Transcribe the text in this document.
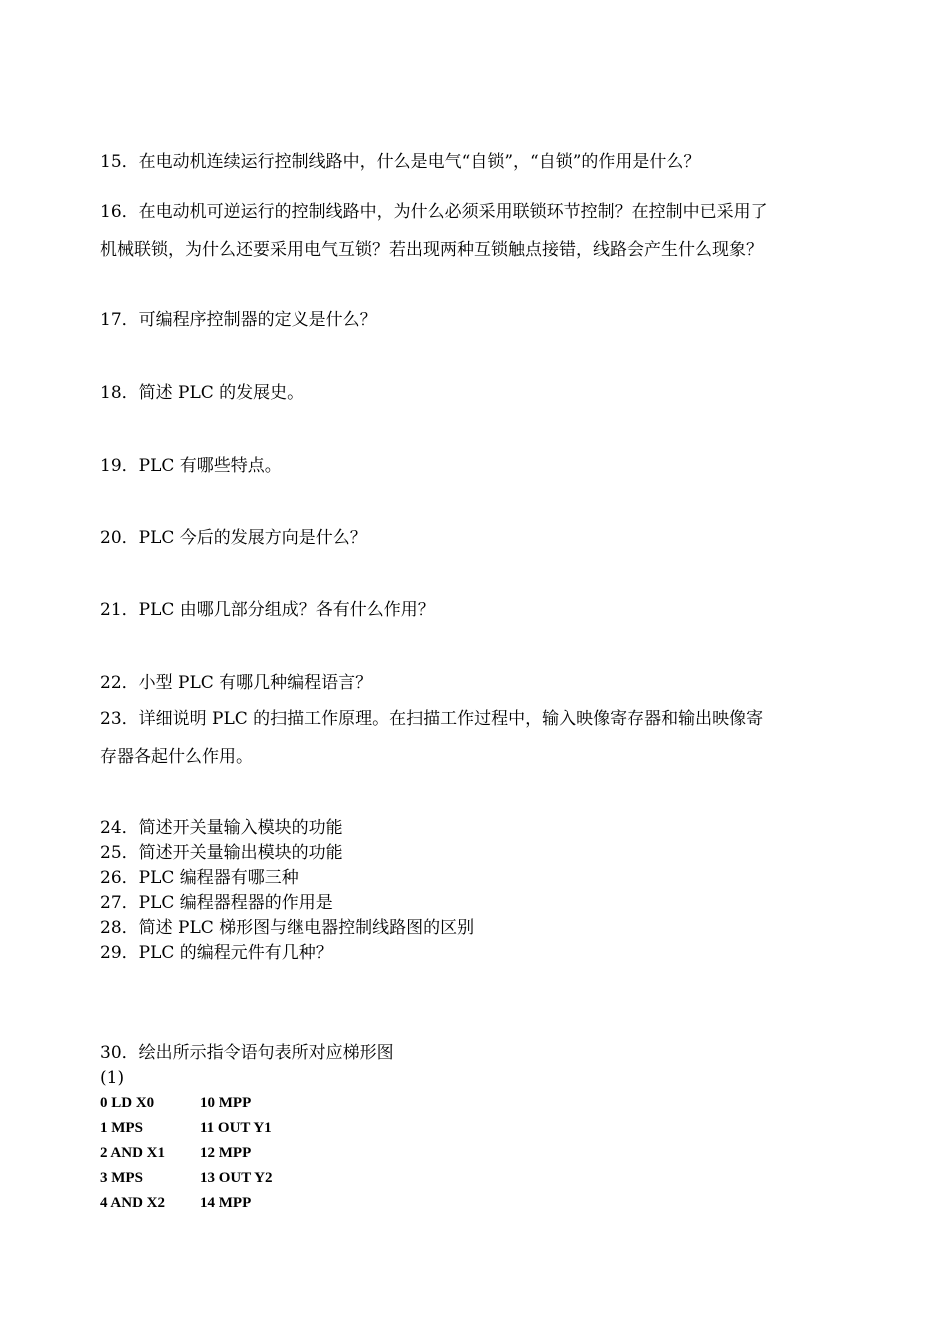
15．在电动机连续运行控制线路中，什么是电气“自锁”，“自锁”的作用是什么？
16．在电动机可逆运行的控制线路中，为什么必须采用联锁环节控制？在控制中已采用了
机械联锁，为什么还要采用电气互锁？若出现两种互锁触点接错，线路会产生什么现象？
17．可编程序控制器的定义是什么？
18．简述 PLC 的发展史。
19．PLC 有哪些特点。
20．PLC 今后的发展方向是什么？
21．PLC 由哪几部分组成？各有什么作用？
22．小型 PLC 有哪几种编程语言？
23．详细说明 PLC 的扫描工作原理。在扫描工作过程中，输入映像寄存器和输出映像寄
存器各起什么作用。
24．简述开关量输入模块的功能
25．简述开关量输出模块的功能
26．PLC 编程器有哪三种
27．PLC 编程器程器的作用是
28．简述 PLC 梯形图与继电器控制线路图的区别
29．PLC 的编程元件有几种？
30．绘出所示指令语句表所对应梯形图
(1)
0 LD X0	10 MPP
1 MPS	11 OUT Y1
2 AND X1 12 MPP
3 MPS	13 OUT Y2
4 AND X2 14 MPP
